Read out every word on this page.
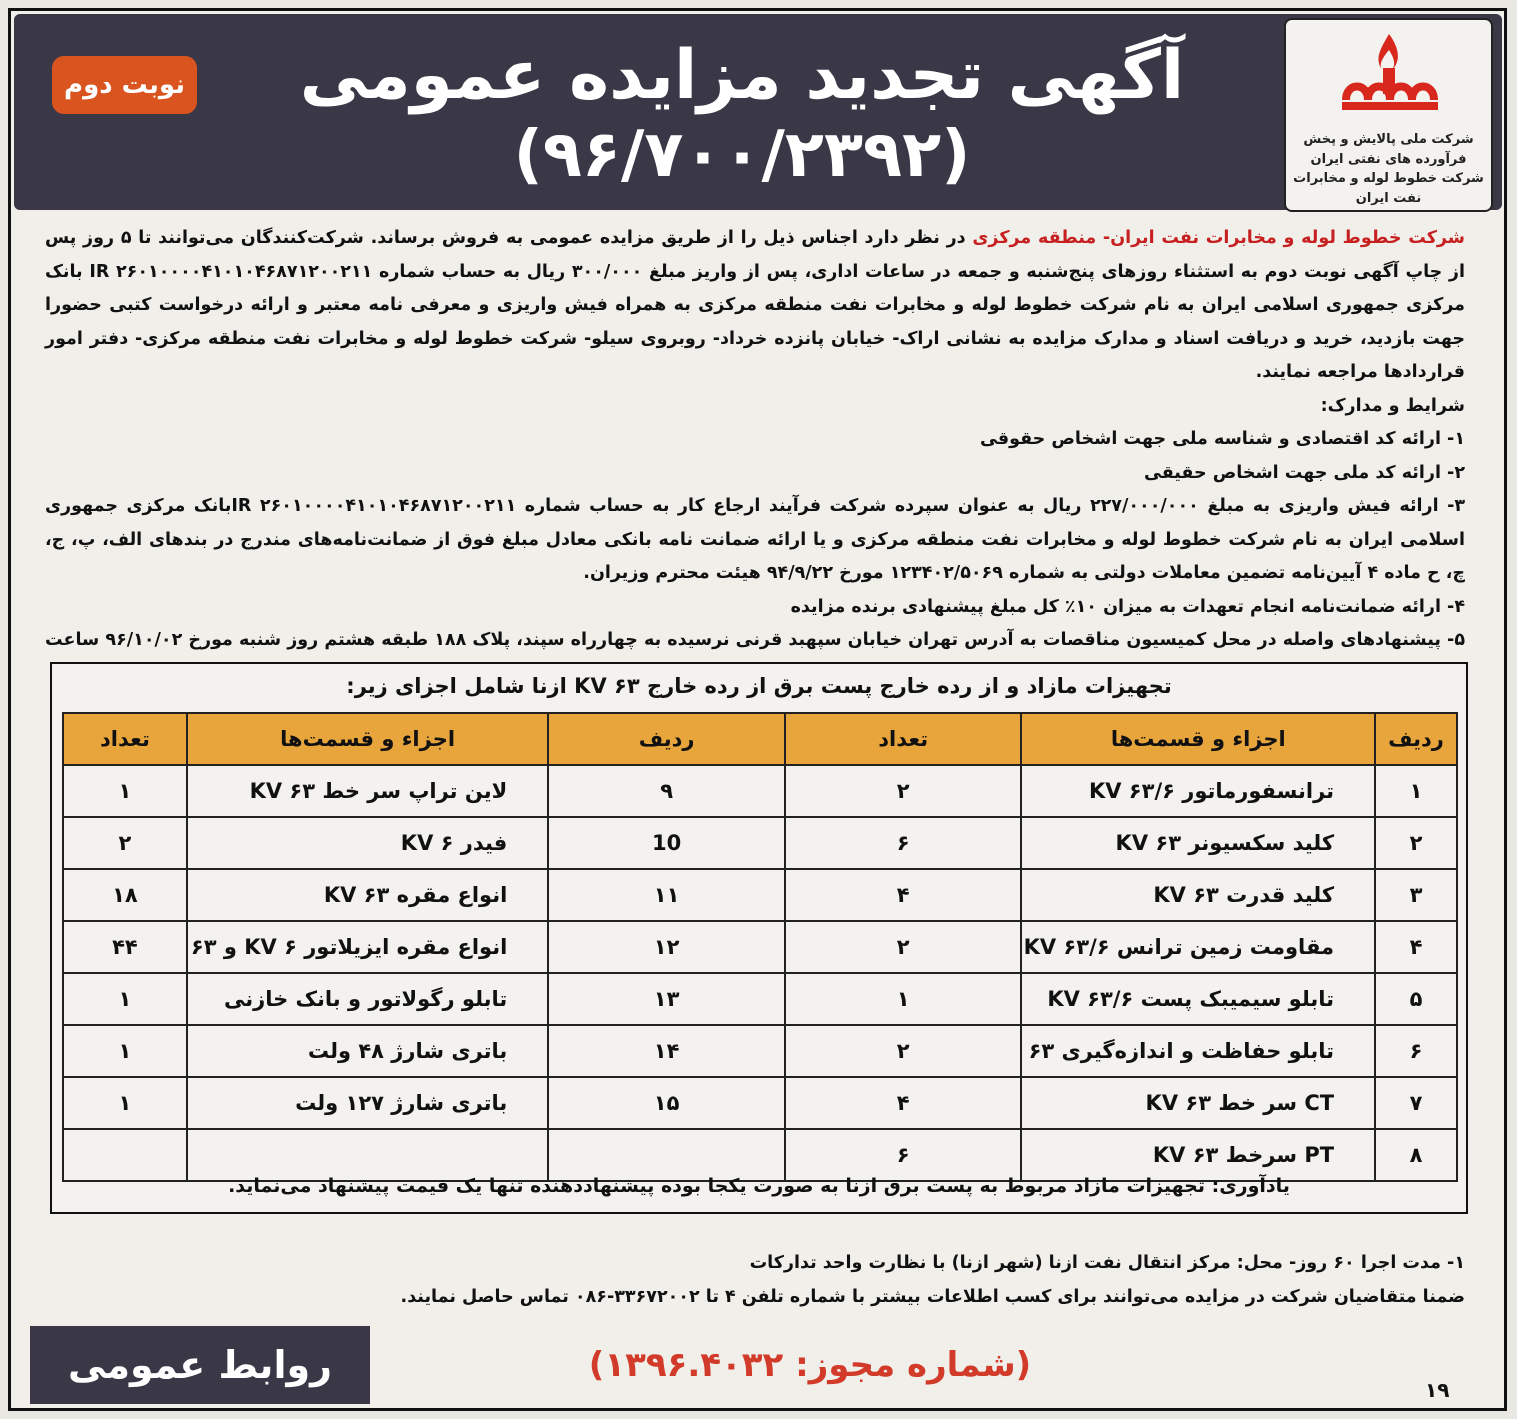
نوبت دوم آگهی تجدید مزایده عمومی
(۹۶/۷۰۰/۲۳۹۲)	شرکت ملی پالایش و پخش فرآورده های نفتی ایران
شرکت خطوط لوله و مخابرات نفت ایران

شرکت خطوط لوله و مخابرات نفت ایران- منطقه مرکزی در نظر دارد اجناس ذیل را از طریق مزایده عمومی به فروش برساند. شرکت‌کنندگان می‌توانند تا ۵ روز پس از چاپ آگهی نوبت دوم به استثناء روزهای پنج‌شنبه و جمعه در ساعات اداری، پس از واریز مبلغ ۳۰۰/۰۰۰ ریال به حساب شماره IR ۲۶۰۱۰۰۰۰۴۱۰۱۰۴۶۸۷۱۲۰۰۲۱۱ بانک مرکزی جمهوری اسلامی ایران به نام شرکت خطوط لوله و مخابرات نفت منطقه مرکزی به همراه فیش واریزی و معرفی نامه معتبر و ارائه درخواست کتبی حضورا جهت بازدید، خرید و دریافت اسناد و مدارک مزایده به نشانی اراک- خیابان پانزده خرداد- روبروی سیلو- شرکت خطوط لوله و مخابرات نفت منطقه مرکزی- دفتر امور قراردادها مراجعه نمایند.

شرایط و مدارک:

۱- ارائه کد اقتصادی و شناسه ملی جهت اشخاص حقوقی

۲- ارائه کد ملی جهت اشخاص حقیقی

۳- ارائه فیش واریزی به مبلغ ۲۲۷/۰۰۰/۰۰۰ ریال به عنوان سپرده شرکت فرآیند ارجاع کار به حساب شماره ۲۶۰۱۰۰۰۰۴۱۰۱۰۴۶۸۷۱۲۰۰۲۱۱ IRبانک مرکزی جمهوری اسلامی ایران به نام شرکت خطوط لوله و مخابرات نفت منطقه مرکزی و یا ارائه ضمانت نامه بانکی معادل مبلغ فوق از ضمانت‌نامه‌های مندرج در بندهای الف، پ، ج، چ، ح ماده ۴ آیین‌نامه تضمین معاملات دولتی به شماره ۱۲۳۴۰۲/۵۰۶۹ مورخ ۹۴/۹/۲۲ هیئت محترم وزیران.

۴- ارائه ضمانت‌نامه انجام تعهدات به میزان ۱۰٪ کل مبلغ پیشنهادی برنده مزایده

۵- پیشنهادهای واصله در محل کمیسیون مناقصات به آدرس تهران خیابان سپهبد قرنی نرسیده به چهارراه سپند، پلاک ۱۸۸ طبقه هشتم روز شنبه مورخ ۹۶/۱۰/۰۲ ساعت

تجهیزات مازاد و از رده خارج پست برق از رده خارج KV ۶۳ ازنا شامل اجزای زیر:
ردیف	اجزاء و قسمت‌ها	تعداد	ردیف	اجزاء و قسمت‌ها	تعداد
۱	ترانسفورماتور KV ۶۳/۶	۲	۹	لاین تراپ سر خط KV ۶۳	۱
۲	کلید سکسیونر KV ۶۳	۶	10	فیدر KV ۶	۲
۳	کلید قدرت KV ۶۳	۴	۱۱	انواع مقره KV ۶۳	۱۸
۴	مقاومت زمین ترانس KV ۶۳/۶	۲	۱۲	انواع مقره ایزیلاتور KV ۶ و ۶۳	۴۴
۵	تابلو سیمیبک پست KV ۶۳/۶	۱	۱۳	تابلو رگولاتور و بانک خازنی	۱
۶	تابلو حفاظت و اندازه‌گیری ۶۳	۲	۱۴	باتری شارژ ۴۸ ولت	۱
۷	CT سر خط KV ۶۳	۴	۱۵	باتری شارژ ۱۲۷ ولت	۱
۸	PT سرخط KV ۶۳	۶			
یادآوری: تجهیزات مازاد مربوط به پست برق ازنا به صورت یکجا بوده پیشنهاددهنده تنها یک قیمت پیشنهاد می‌نماید.

۱- مدت اجرا ۶۰ روز- محل: مرکز انتقال نفت ازنا (شهر ازنا) با نظارت واحد تدارکات

ضمنا متقاضیان شرکت در مزایده می‌توانند برای کسب اطلاعات بیشتر با شماره تلفن ۴ تا ۳۳۶۷۲۰۰۲-۰۸۶ تماس حاصل نمایند.

(شماره مجوز: ۱۳۹۶.۴۰۳۲)
روابط عمومی
۱۹
